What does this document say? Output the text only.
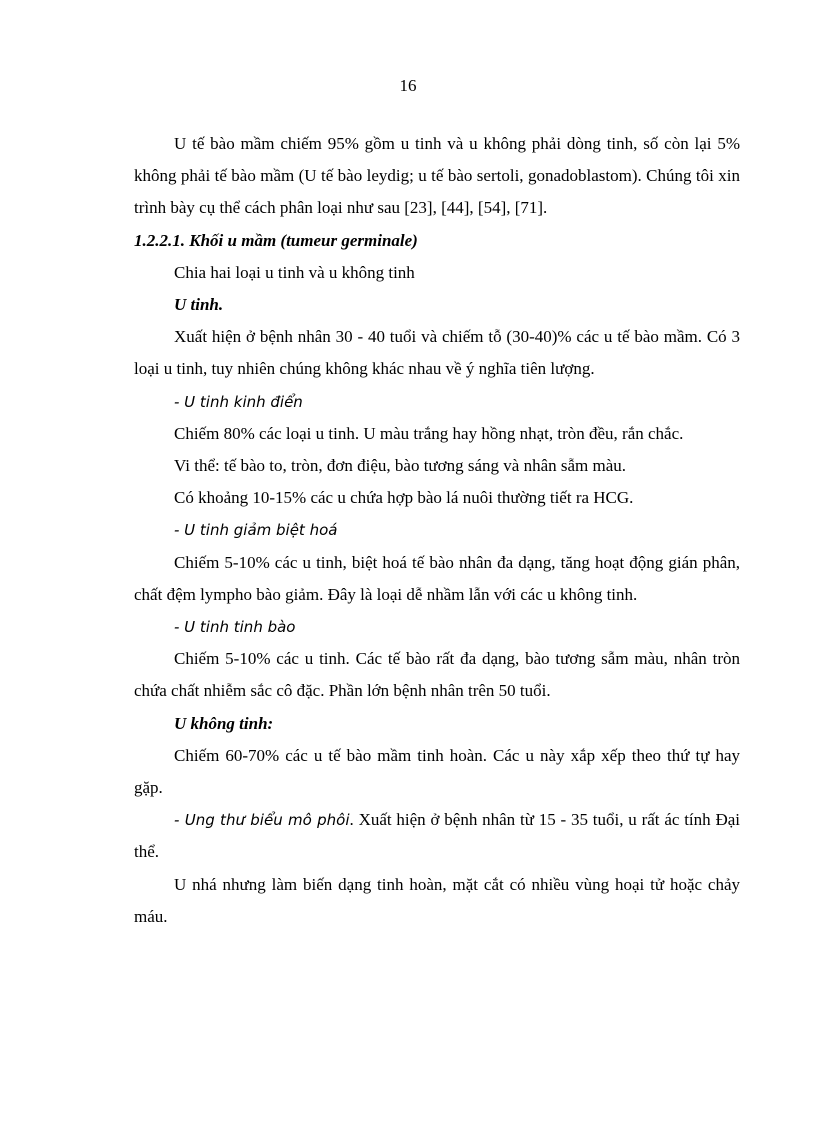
16

U tế bào mầm chiếm 95% gồm u tinh và u không phải dòng tinh, số còn lại 5% không phải tế bào mầm (U tế bào leydig; u tế bào sertoli, gonadoblastom). Chúng tôi xin trình bày cụ thể cách phân loại như sau [23], [44], [54], [71].

1.2.2.1. Khối u mầm (tumeur germinale)

Chia hai loại u tinh và u không tinh

U tinh.

Xuất hiện ở bệnh nhân 30 - 40 tuổi và chiếm tỗ (30-40)% các u tế bào mầm. Có 3 loại u tinh, tuy nhiên chúng không khác nhau về ý nghĩa tiên lượng.

- U tinh kinh điển

Chiếm 80% các loại u tinh. U màu trắng hay hồng nhạt, tròn đều, rắn chắc.

Vi thể: tế bào to, tròn, đơn điệu, bào tương sáng và nhân sẫm màu.

Có khoảng 10-15% các u chứa hợp bào lá nuôi thường tiết ra HCG.

- U tinh giảm biệt hoá

Chiếm 5-10% các u tinh, biệt hoá tế bào nhân đa dạng, tăng hoạt động gián phân, chất đệm lympho bào giảm. Đây là loại dễ nhầm lẫn với các u không tinh.

- U tinh tinh bào

Chiếm 5-10% các u tinh. Các tế bào rất đa dạng, bào tương sẫm màu, nhân tròn chứa chất nhiễm sắc cô đặc. Phần lớn bệnh nhân trên 50 tuổi.

U không tinh:

Chiếm 60-70% các u tế bào mầm tinh hoàn. Các u này xắp xếp theo thứ tự hay gặp.

- Ung thư biểu mô phôi. Xuất hiện ở bệnh nhân từ 15 - 35 tuổi, u rất ác tính Đại thể.

U nhá nhưng làm biến dạng tinh hoàn, mặt cắt có nhiều vùng hoại tử hoặc chảy máu.
